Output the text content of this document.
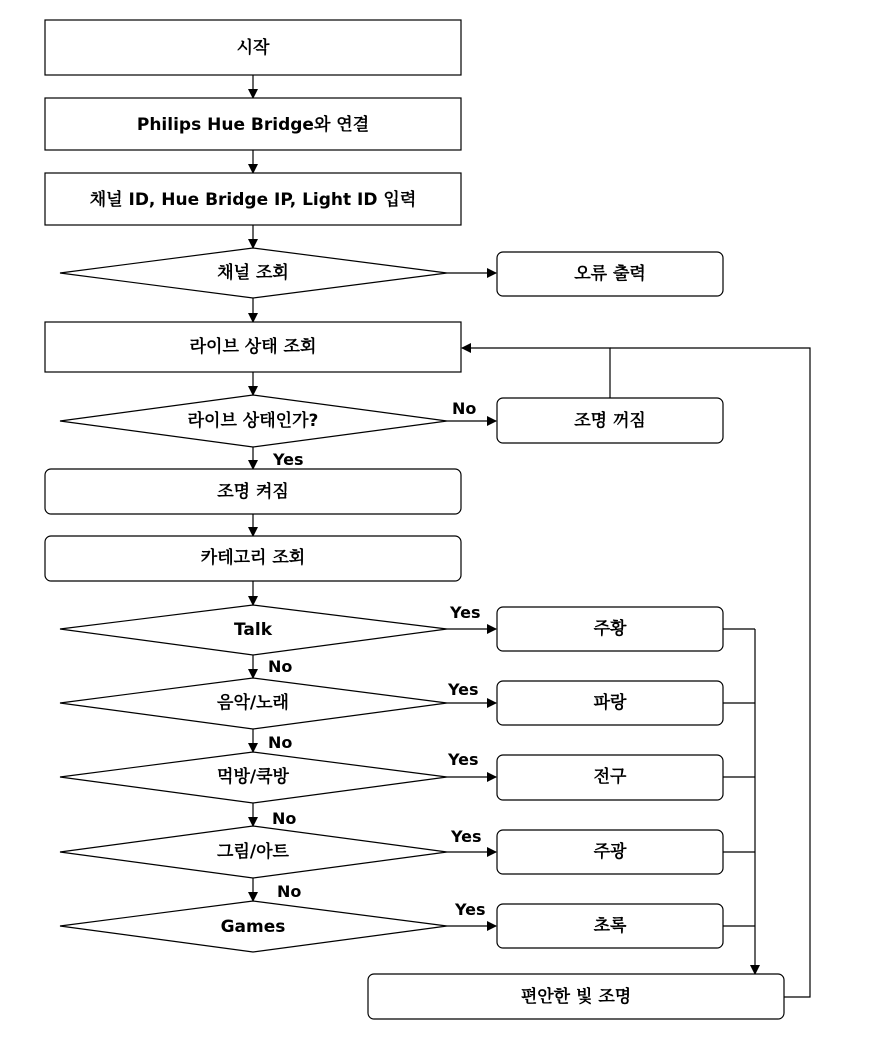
시작
Philips Hue Bridge와 연결
채널 ID, Hue Bridge IP, Light ID 입력
채널 조회	오류 출력
라이브 상태 조회
라이브 상태인가?	조명 꺼짐
조명 켜짐
카테고리 조회
Talk	주황
음악/노래	파랑
먹방/쿡방	전구
그림/아트	주광
Games	초록
편안한 빛 조명
No
Yes
Yes
No
Yes
No
Yes
No
Yes
No
Yes
